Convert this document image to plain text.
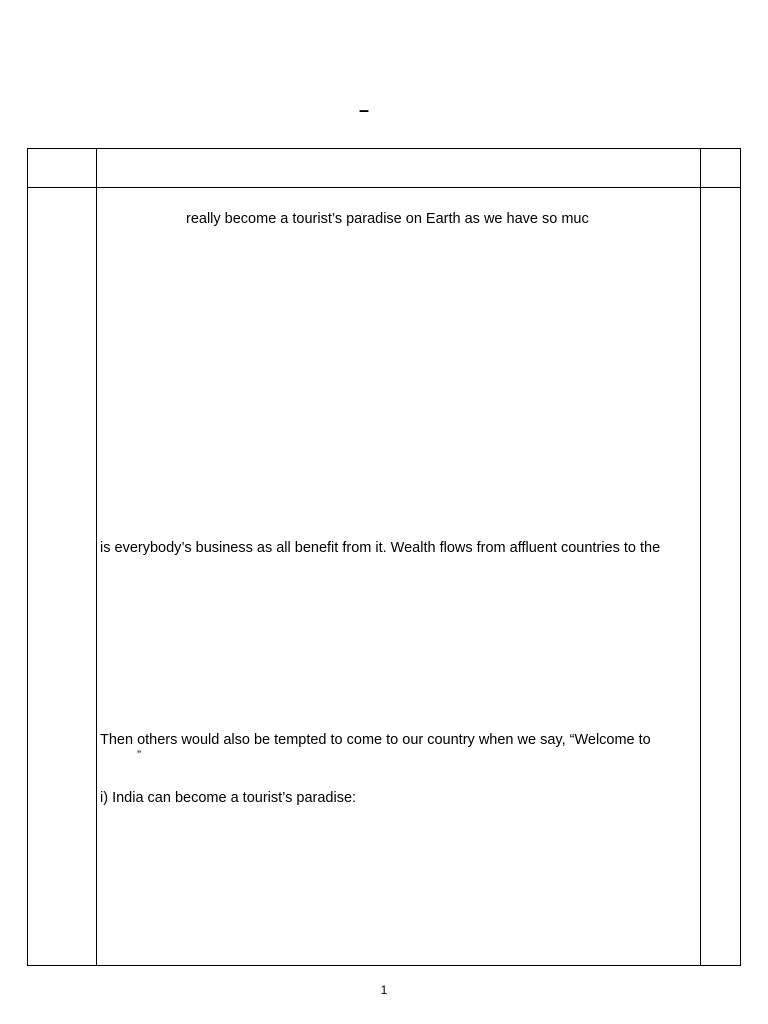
–
really become a tourist’s paradise on Earth as we have so muc
is everybody’s business as all benefit from it. Wealth flows from affluent countries to the
Then others would also be tempted to come to our country when we say, “Welcome to
”
i) India can become a tourist’s paradise:
1
